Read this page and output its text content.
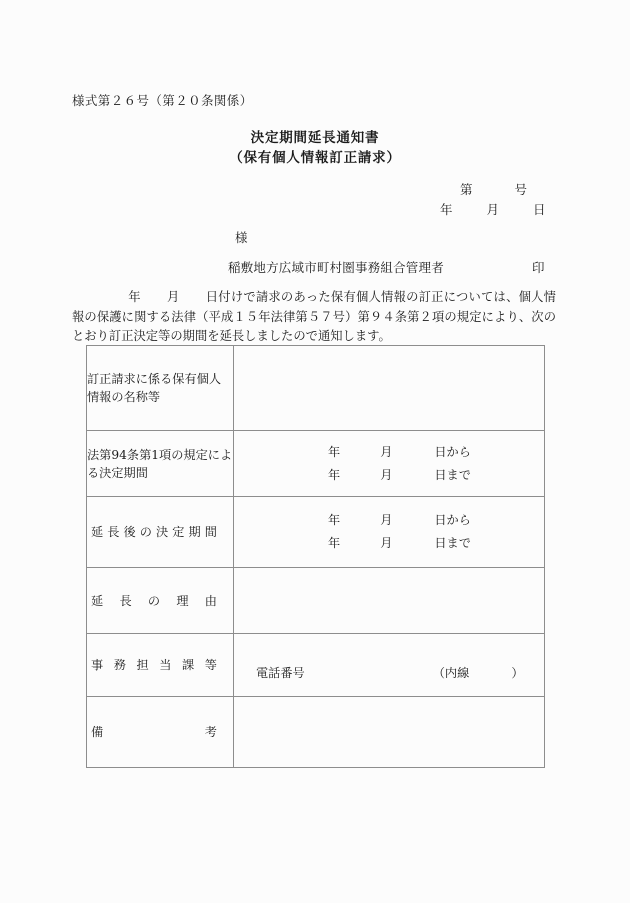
様式第２６号（第２０条関係）
決定期間延長通知書
（保有個人情報訂正請求）
第	号
年	月	日
様
稲敷地方広域市町村圏事務組合管理者	印
年 月 日付けで請求のあった保有個人情報の訂正については、個人情報の保護に関する法律（平成１５年法律第５７号）第９４条第２項の規定により、次のとおり訂正決定等の期間を延長しましたので通知します。
訂正請求に係る保有個人情報の名称等	
法第94条第1項の規定による決定期間	年 月 日から
年 月 日まで

延長後の決定期間	年 月 日から
年 月 日まで

延長の理由	

事務担当課等	電話番号 （内線 ）

備考	
